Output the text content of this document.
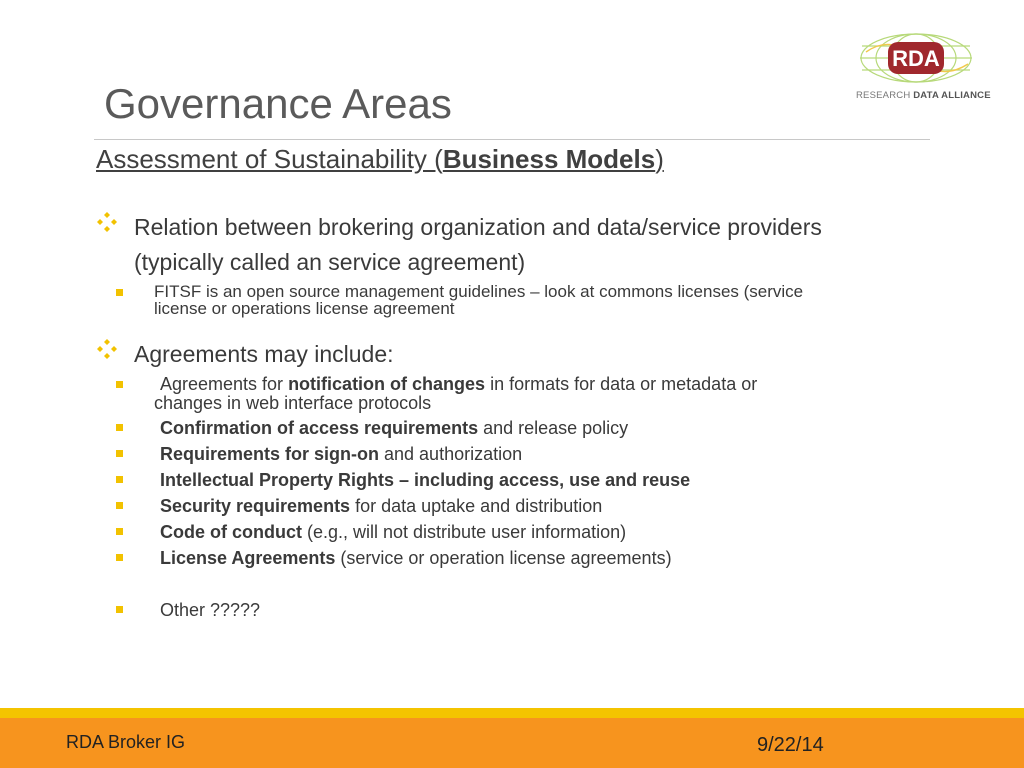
Governance Areas
Assessment of Sustainability (Business Models)
RDA
RESEARCH DATA ALLIANCE
Relation between brokering organization and data/service providers
(typically called an service agreement)
FITSF is an open source management guidelines – look at commons licenses (service
license or operations license agreement
Agreements may include:
Agreements for notification of changes in formats for data or metadata or
changes in web interface protocols
Confirmation of access requirements and release policy
Requirements for sign-on and authorization
Intellectual Property Rights – including access, use and reuse
Security requirements for data uptake and distribution
Code of conduct (e.g., will not distribute user information)
License Agreements (service or operation license agreements)
Other ?????
RDA Broker IG	9/22/14
